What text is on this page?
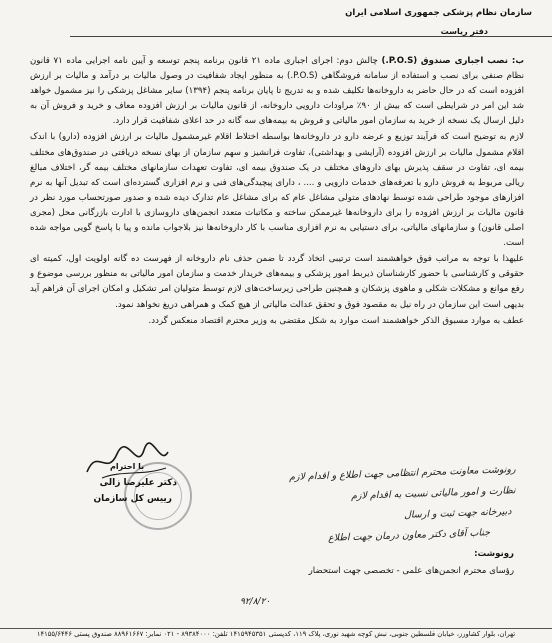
سازمان نظام پزشکی جمهوری اسلامی ایران
دفتر ریاست

ب: نصب اجباری صندوق (P.O.S.) چالش دوم: اجرای اجباری ماده ۲۱ قانون برنامه پنجم توسعه و آیین نامه اجرایی ماده ۷۱ قانون نظام صنفی برای نصب و استفاده از سامانه فروشگاهی (P.O.S.) به منظور ایجاد شفافیت در وصول مالیات بر درآمد و مالیات بر ارزش افزوده است که در حال حاضر به داروخانه‌ها تکلیف شده و به تدریج تا پایان برنامه پنجم (۱۳۹۴) سایر مشاغل پزشکی را نیز مشمول خواهد شد این امر در شرایطی است که بیش از ۹۰٪ مراودات دارویی داروخانه، از قانون مالیات بر ارزش افزوده معاف و خرید و فروش آن به دلیل ارسال یک نسخه از خرید به سازمان امور مالیاتی و فروش به بیمه‌های سه گانه در حد اعلای شفافیت قرار دارد.

لازم به توضیح است که فرآیند توزیع و عرضه دارو در داروخانه‌ها بواسطه اختلاط اقلام غیرمشمول مالیات بر ارزش افزوده (دارو) با اندک اقلام مشمول مالیات بر ارزش افزوده (آرایشی و بهداشتی)، تفاوت فرانشیز و سهم سازمان از بهای نسخه دریافتی در صندوق‌های مختلف بیمه ای، تفاوت در سقف پذیرش بهای داروهای مختلف در یک صندوق بیمه ای، تفاوت تعهدات سازمانهای مختلف بیمه گر، اختلاف مبالغ ریالی مربوط به فروش دارو با تعرفه‌های خدمات دارویی و .... ، دارای پیچیدگی‌های فنی و نرم افزاری گسترده‌ای است که تبدیل آنها به نرم افزارهای موجود طراحی شده توسط نهادهای متولی مشاغل عام که برای مشاغل عام تدارک دیده شده و صدور صورتحساب مورد نظر در قانون مالیات بر ارزش افزوده را برای داروخانه‌ها غیرممکن ساخته و مکاتبات متعدد انجمن‌های داروسازی با ادارت بازرگانی محل (مجری اصلی قانون) و سازمانهای مالیاتی، برای دستیابی به نرم افزاری مناسب با کار داروخانه‌ها نیز بلاجواب مانده و پیا با پاسخ گویی مواجه شده است.

علیهذا با توجه به مراتب فوق خواهشمند است ترتیبی اتخاذ گردد تا ضمن حذف نام داروخانه از فهرست ده گانه اولویت اول، کمیته ای حقوقی و کارشناسی با حضور کارشناسان ذیربط امور پزشکی و بیمه‌های خریدار خدمت و سازمان امور مالیاتی به منظور بررسی موضوع و رفع موانع و مشکلات شکلی و ماهوی پزشکان و همچنین طراحی زیرساخت‌های لازم توسط متولیان امر تشکیل و امکان اجرای آن فراهم آید بدیهی است این سازمان در راه نیل به مقصود فوق و تحقق عدالت مالیاتی از هیچ کمک و همراهی دریغ نخواهد نمود.

عطف به موارد مسبوق الذکر خواهشمند است موارد به شکل مقتضی به وزیر محترم اقتصاد منعکس گردد.

با احترام
دکتر علیرضا زالی
رییس کل سازمان
رونوشت معاونت محترم انتظامی جهت اطلاع و اقدام لازم
نظارت و امور مالیاتی نسبت به اقدام لازم
دبیرخانه جهت ثبت و ارسال
جناب آقای دکتر معاون درمان جهت اطلاع
رونوشت:
رؤسای محترم انجمن‌های علمی - تخصصی جهت استحضار
۹۲/۸/۲۰
تهران، بلوار کشاورز، خیابان فلسطین جنوبی، نبش کوچه شهید نوری، پلاک ۱۱۹، کدپستی ۱۴۱۵۹۴۵۳۵۱ تلفن: ۸۹۳۸۴۰۰۰ - ۰۲۱ نمابر: ۸۸۹۶۱۶۶۷ صندوق پستی ۱۴۱۵۵/۶۴۴۶
